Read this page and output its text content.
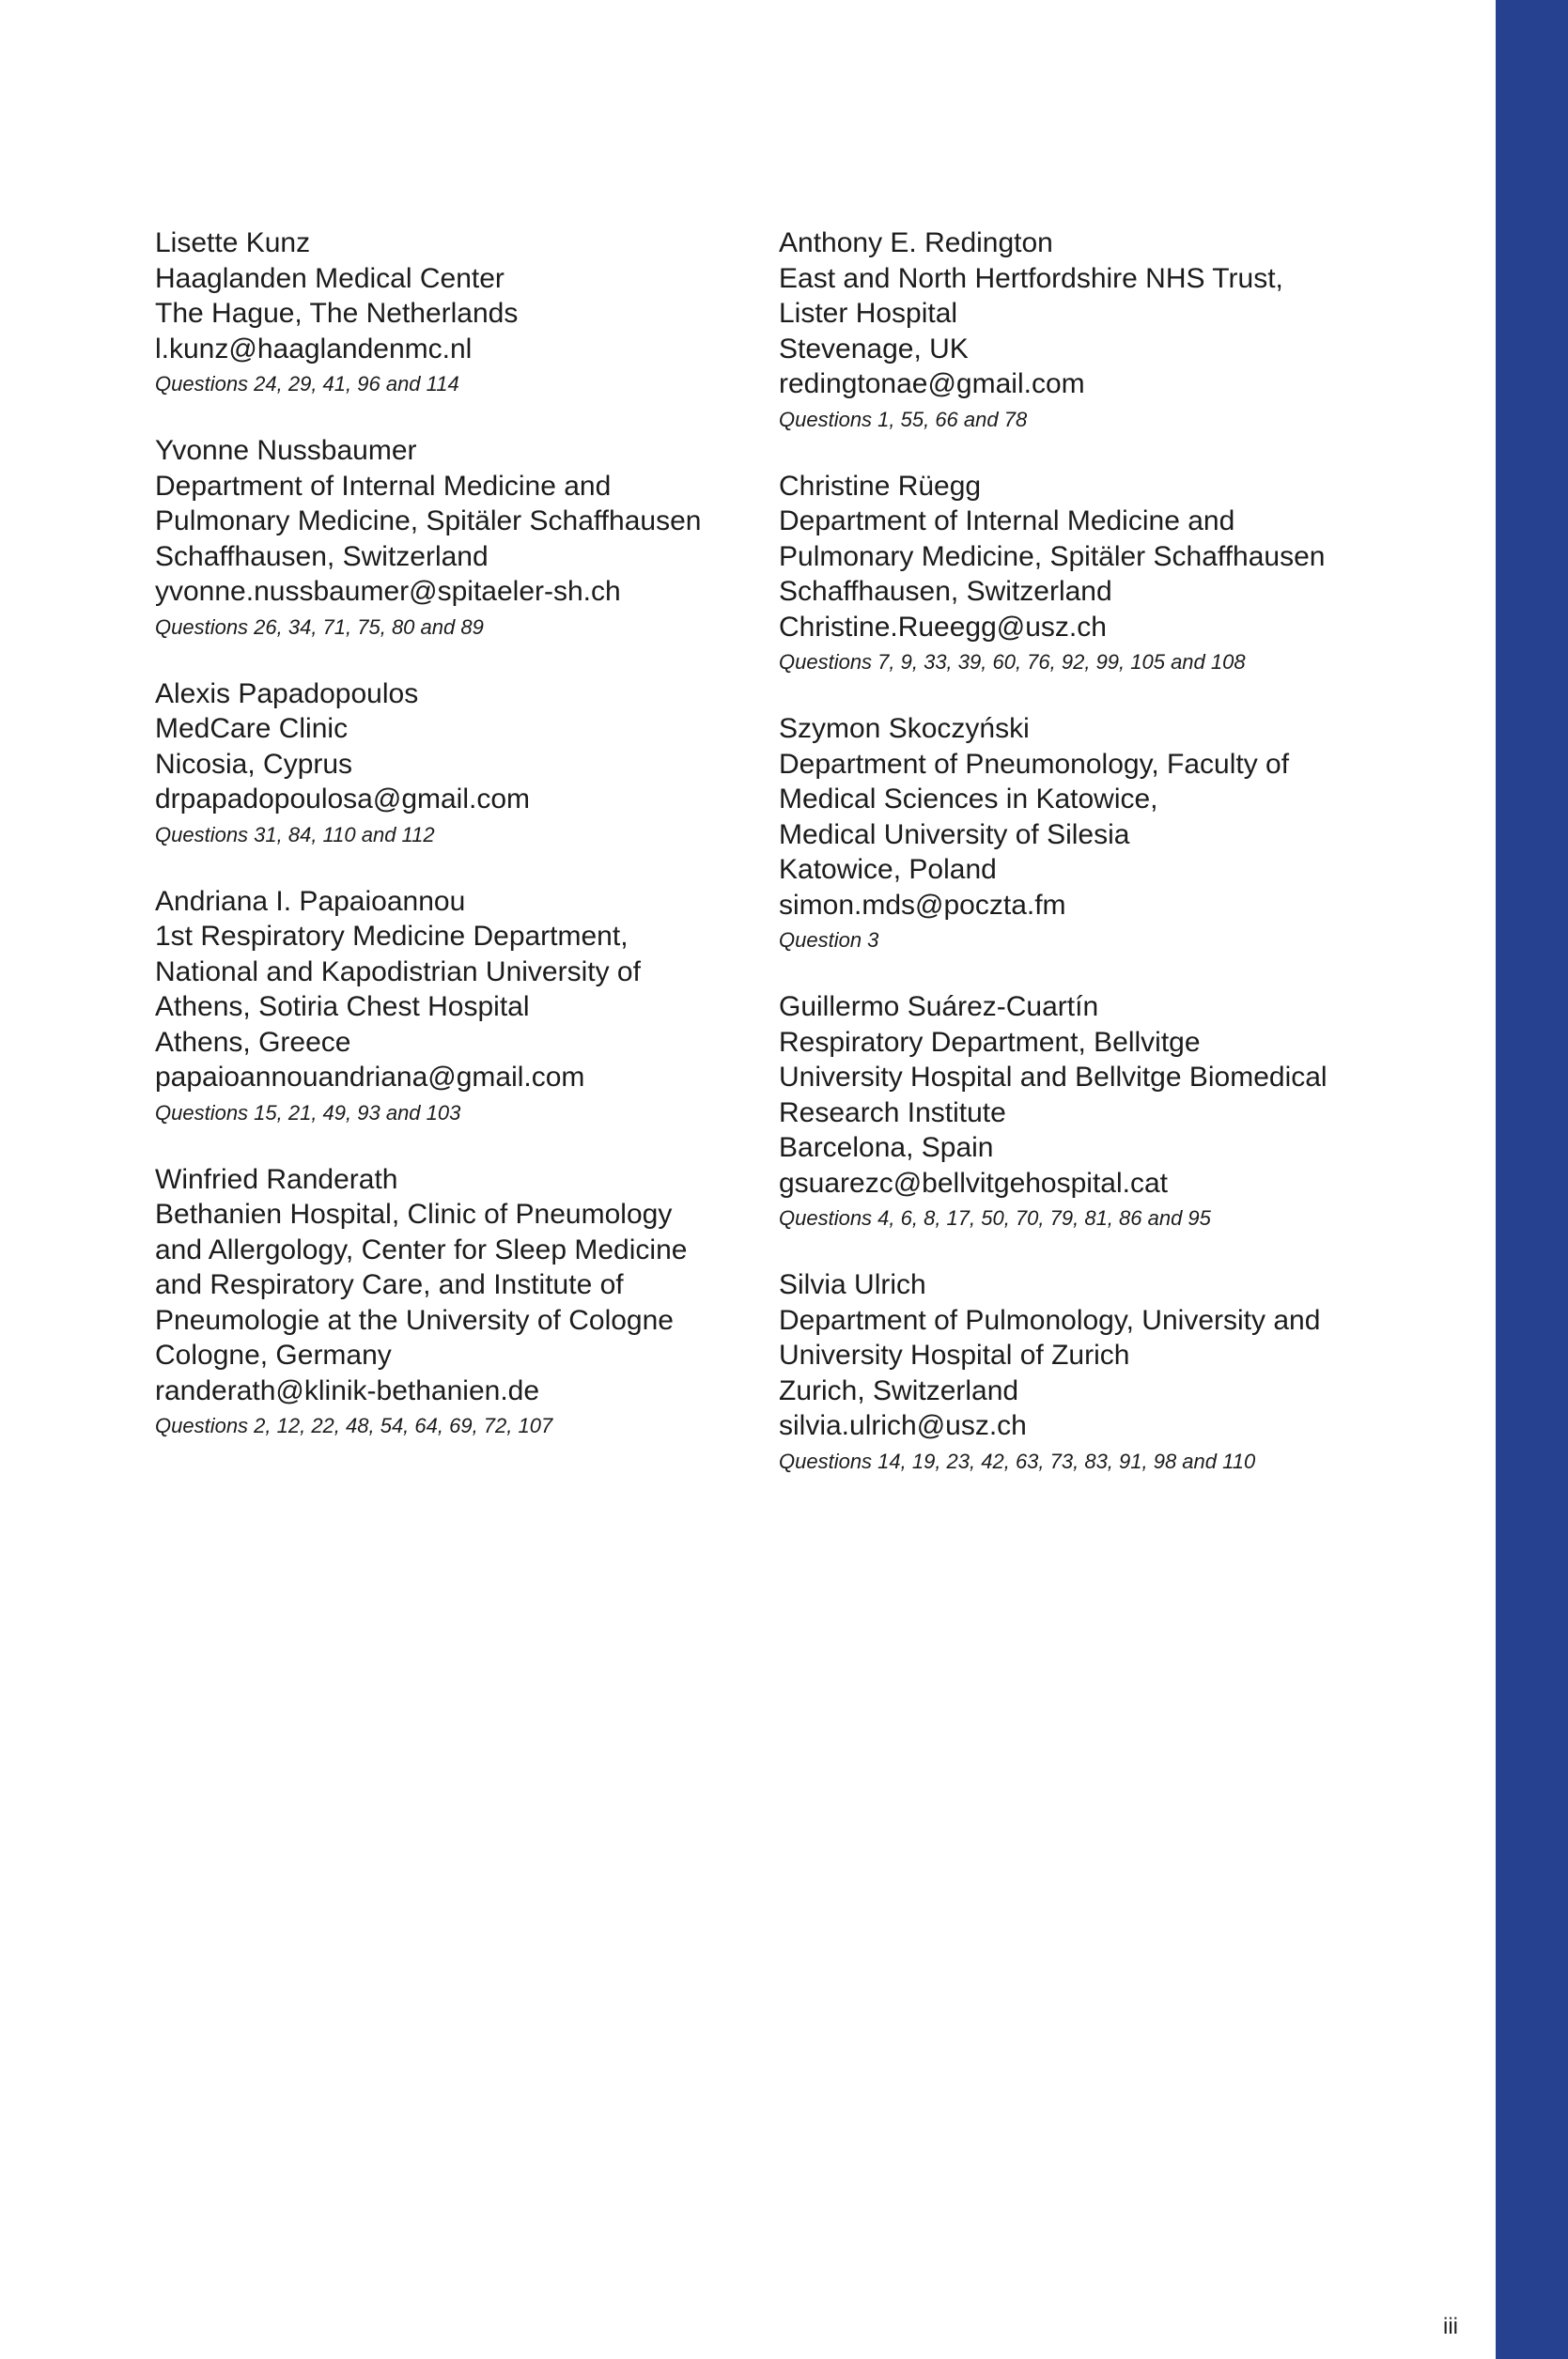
Lisette Kunz
Haaglanden Medical Center
The Hague, The Netherlands
l.kunz@haaglandenmc.nl
Questions 24, 29, 41, 96 and 114
Yvonne Nussbaumer
Department of Internal Medicine and
Pulmonary Medicine, Spitäler Schaffhausen
Schaffhausen, Switzerland
yvonne.nussbaumer@spitaeler-sh.ch
Questions 26, 34, 71, 75, 80 and 89
Alexis Papadopoulos
MedCare Clinic
Nicosia, Cyprus
drpapadopoulosa@gmail.com
Questions 31, 84, 110 and 112
Andriana I. Papaioannou
1st Respiratory Medicine Department,
National and Kapodistrian University of
Athens, Sotiria Chest Hospital
Athens, Greece
papaioannouandriana@gmail.com
Questions 15, 21, 49, 93 and 103
Winfried Randerath
Bethanien Hospital, Clinic of Pneumology
and Allergology, Center for Sleep Medicine
and Respiratory Care, and Institute of
Pneumologie at the University of Cologne
Cologne, Germany
randerath@klinik-bethanien.de
Questions 2, 12, 22, 48, 54, 64, 69, 72, 107
Anthony E. Redington
East and North Hertfordshire NHS Trust,
Lister Hospital
Stevenage, UK
redingtonae@gmail.com
Questions 1, 55, 66 and 78
Christine Rüegg
Department of Internal Medicine and
Pulmonary Medicine, Spitäler Schaffhausen
Schaffhausen, Switzerland
Christine.Rueegg@usz.ch
Questions 7, 9, 33, 39, 60, 76, 92, 99, 105 and 108
Szymon Skoczyński
Department of Pneumonology, Faculty of
Medical Sciences in Katowice,
Medical University of Silesia
Katowice, Poland
simon.mds@poczta.fm
Question 3
Guillermo Suárez-Cuartín
Respiratory Department, Bellvitge
University Hospital and Bellvitge Biomedical
Research Institute
Barcelona, Spain
gsuarezc@bellvitgehospital.cat
Questions 4, 6, 8, 17, 50, 70, 79, 81, 86 and 95
Silvia Ulrich
Department of Pulmonology, University and
University Hospital of Zurich
Zurich, Switzerland
silvia.ulrich@usz.ch
Questions 14, 19, 23, 42, 63, 73, 83, 91, 98 and 110
iii
